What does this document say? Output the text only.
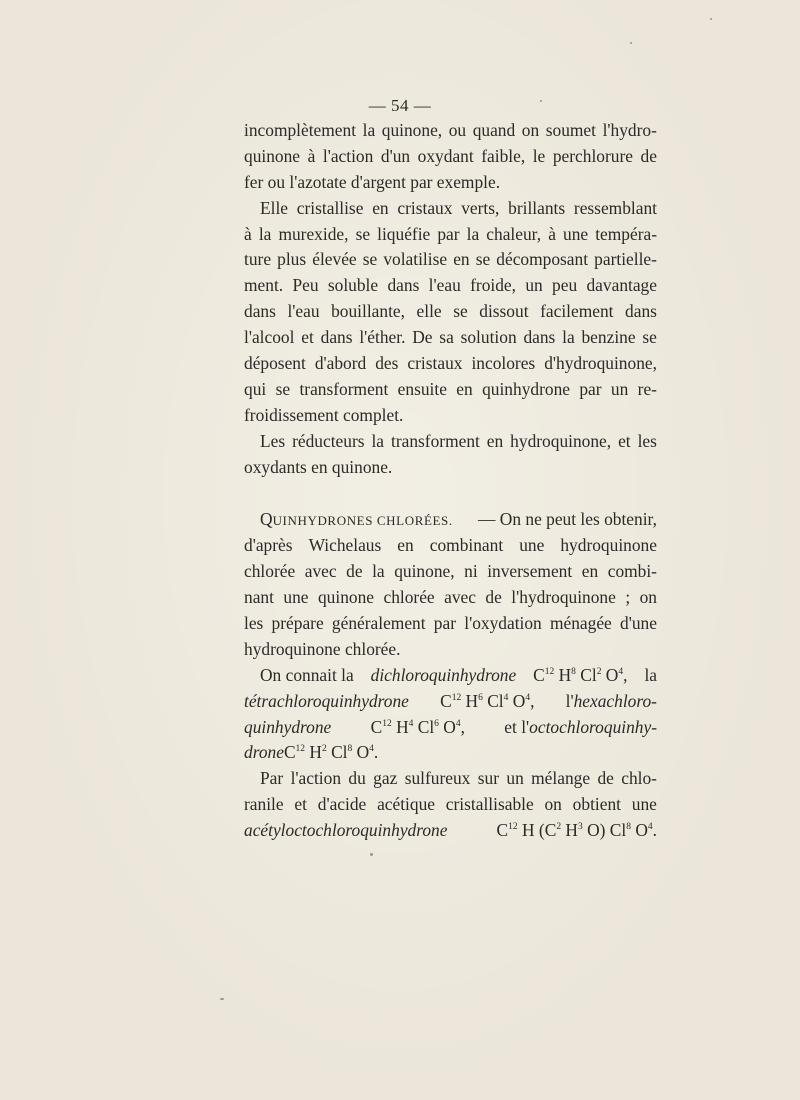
— 54 —
incomplètement la quinone, ou quand on soumet l'hydro-
quinone à l'action d'un oxydant faible, le perchlorure de
fer ou l'azotate d'argent par exemple.
Elle cristallise en cristaux verts, brillants ressemblant
à la murexide, se liquéfie par la chaleur, à une tempéra-
ture plus élevée se volatilise en se décomposant partielle-
ment. Peu soluble dans l'eau froide, un peu davantage
dans l'eau bouillante, elle se dissout facilement dans
l'alcool et dans l'éther. De sa solution dans la benzine se
déposent d'abord des cristaux incolores d'hydroquinone,
qui se transforment ensuite en quinhydrone par un re-
froidissement complet.
Les réducteurs la transforment en hydroquinone, et les
oxydants en quinone.
QUINHYDRONES CHLORÉES. — On ne peut les obtenir,
d'après Wichelaus en combinant une hydroquinone
chlorée avec de la quinone, ni inversement en combi-
nant une quinone chlorée avec de l'hydroquinone ; on
les prépare généralement par l'oxydation ménagée d'une
hydroquinone chlorée.
On connait la dichloroquinhydrone $C^{12}$ $H^8$ Cl$^2$ $O^4$, la
tétrachloroquinhydrone $C^{12}$ $H^6$ Cl$^4$ $O^4$, l'hexachloro-
quinhydrone $C^{12}$ $H^4$ Cl$^6$ $O^4$, et l'octochloroquinhy-
drone $C^{12}$ $H^2$ Cl$^8$ $O^4$.
Par l'action du gaz sulfureux sur un mélange de chlo-
ranile et d'acide acétique cristallisable on obtient une
acétyloctochloroquinhydrone	$C^{12}$ H ($C^2$ $H^3$ O) Cl$^8$ $O^4$.
